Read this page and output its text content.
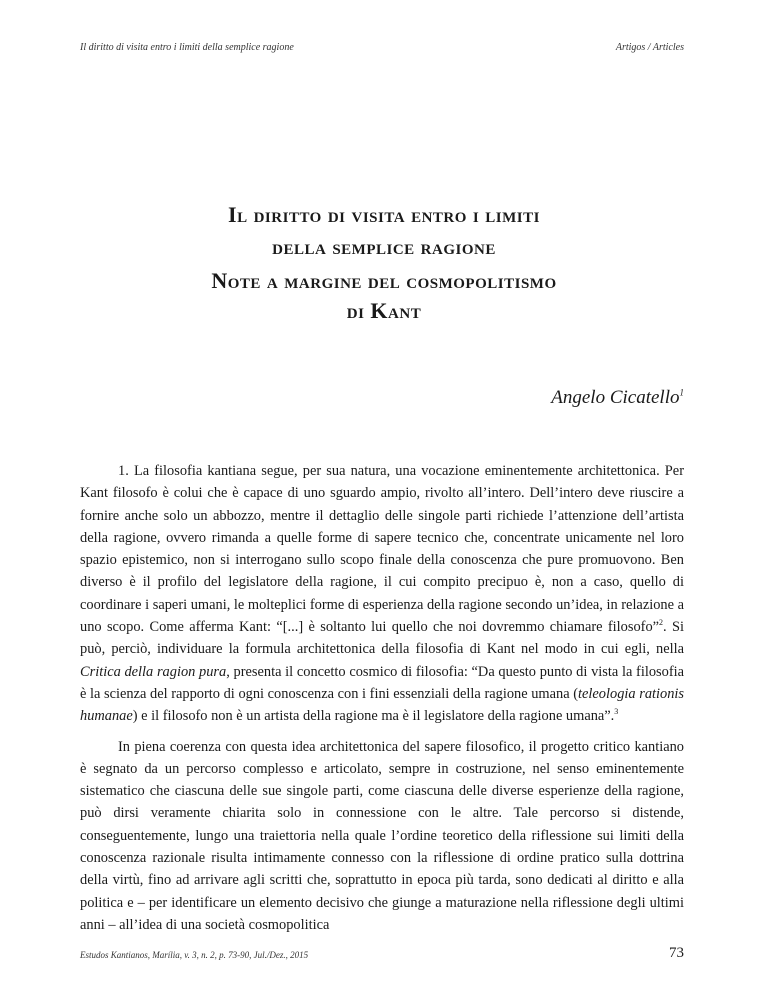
Il diritto di visita entro i limiti della semplice ragione	Artigos / Articles

Il diritto di visita entro i limiti

della semplice ragione

Note a margine del cosmopolitismo

di Kant

Angelo Cicatello$^1$

1. La filosofia kantiana segue, per sua natura, una vocazione eminentemente architettonica. Per Kant filosofo è colui che è capace di uno sguardo ampio, rivolto all’intero. Dell’intero deve riuscire a fornire anche solo un abbozzo, mentre il dettaglio delle singole parti richiede l’attenzione dell’artista della ragione, ovvero rimanda a quelle forme di sapere tecnico che, concentrate unicamente nel loro spazio epistemico, non si interrogano sullo scopo finale della conoscenza che pure promuovono. Ben diverso è il profilo del legislatore della ragione, il cui compito precipuo è, non a caso, quello di coordinare i saperi umani, le molteplici forme di esperienza della ragione secondo un’idea, in relazione a uno scopo. Come afferma Kant: “[...] è soltanto lui quello che noi dovremmo chiamare filosofo”$^2$. Si può, perciò, individuare la formula architettonica della filosofia di Kant nel modo in cui egli, nella Critica della ragion pura, presenta il concetto cosmico di filosofia: “Da questo punto di vista la filosofia è la scienza del rapporto di ogni conoscenza con i fini essenziali della ragione umana (teleologia rationis humanae) e il filosofo non è un artista della ragione ma è il legislatore della ragione umana”.$^3$

In piena coerenza con questa idea architettonica del sapere filosofico, il progetto critico kantiano è segnato da un percorso complesso e articolato, sempre in costruzione, nel senso eminentemente sistematico che ciascuna delle sue singole parti, come ciascuna delle diverse esperienze della ragione, può dirsi veramente chiarita solo in connessione con le altre. Tale percorso si distende, conseguentemente, lungo una traiettoria nella quale l’ordine teoretico della riflessione sui limiti della conoscenza razionale risulta intimamente connesso con la riflessione di ordine pratico sulla dottrina della virtù, fino ad arrivare agli scritti che, soprattutto in epoca più tarda, sono dedicati al diritto e alla politica e – per identificare un elemento decisivo che giunge a maturazione nella riflessione degli ultimi anni – all’idea di una società cosmopolitica

Estudos Kantianos, Marília, v. 3, n. 2, p. 73-90, Jul./Dez., 2015	73
